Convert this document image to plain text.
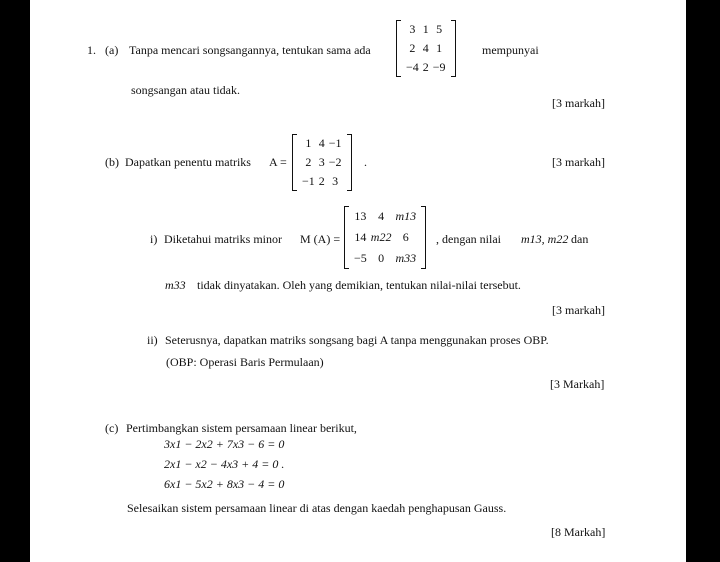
1. (a) Tanpa mencari songsangannya, tentukan sama ada
3 1 5
2 4 1
−4 2 −9
mempunyai
songsangan atau tidak.
[3 markah]
(b) Dapatkan penentu matriks A =
1 4 −1
2 3 −2
−1 2 3
.	[3 markah]
i) Diketahui matriks minor M (A) =
13 4 m13
14 m22 6
−5 0 m33
, dengan nilai m13, m22 dan
m33 tidak dinyatakan. Oleh yang demikian, tentukan nilai-nilai tersebut.
[3 markah]
ii) Seterusnya, dapatkan matriks songsang bagi A tanpa menggunakan proses OBP.
(OBP: Operasi Baris Permulaan)
[3 Markah]
(c) Pertimbangkan sistem persamaan linear berikut,
3x1 − 2x2 + 7x3 − 6 = 0
2x1 − x2 − 4x3 + 4 = 0 .
6x1 − 5x2 + 8x3 − 4 = 0
Selesaikan sistem persamaan linear di atas dengan kaedah penghapusan Gauss.
[8 Markah]
